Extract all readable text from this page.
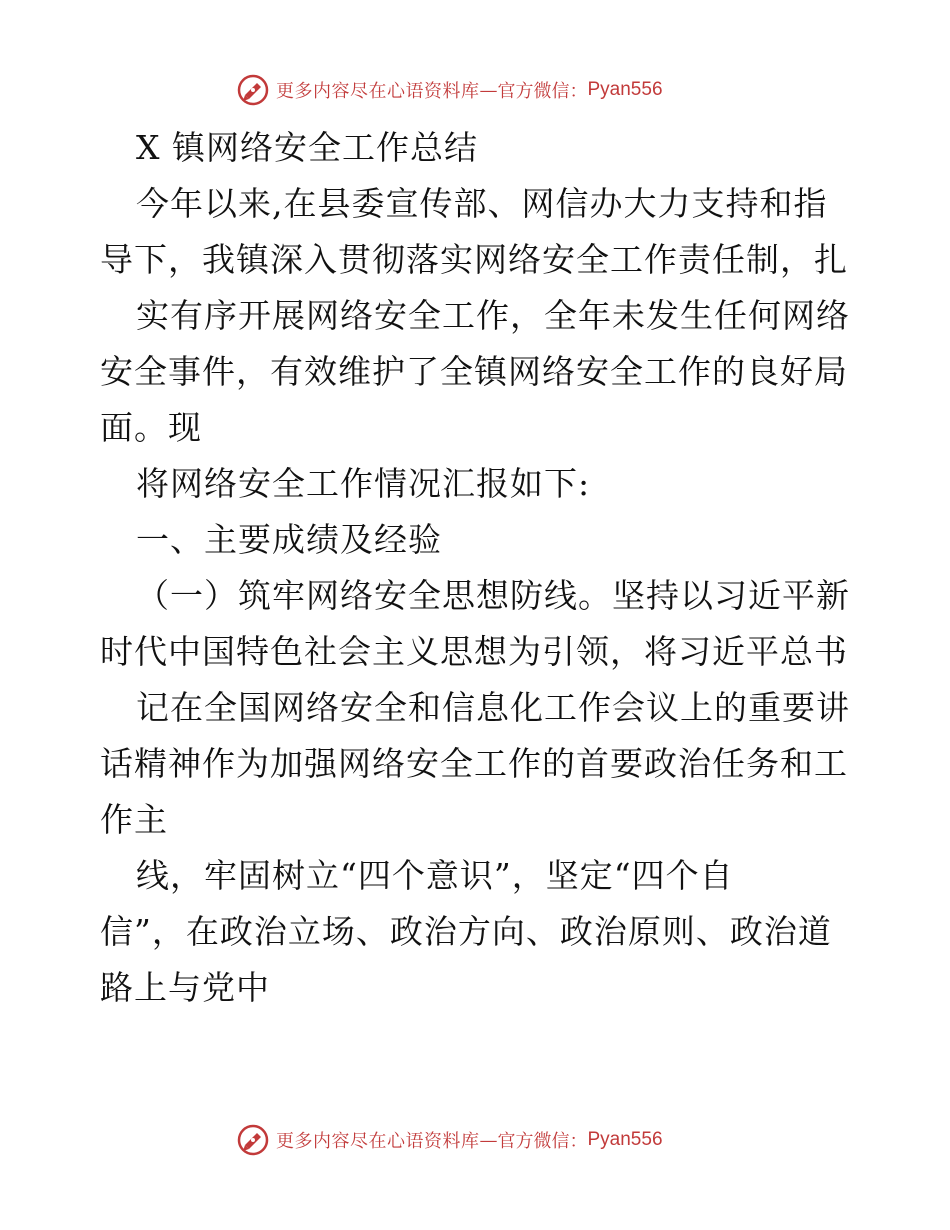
更多内容尽在心语资料库 — 官方微信： Pyan556
X 镇网络安全工作总结
今年以来,在县委宣传部、网信办大力支持和指
导下，我镇深入贯彻落实网络安全工作责任制，扎
实有序开展网络安全工作，全年未发生任何网络
安全事件，有效维护了全镇网络安全工作的良好局
面。现
将网络安全工作情况汇报如下:
一、主要成绩及经验
（一）筑牢网络安全思想防线。坚持以习近平新
时代中国特色社会主义思想为引领，将习近平总书
记在全国网络安全和信息化工作会议上的重要讲
话精神作为加强网络安全工作的首要政治任务和工
作主
线，牢固树立“四个意识”，坚定“四个自
信”，在政治立场、政治方向、政治原则、政治道
路上与党中
更多内容尽在心语资料库 — 官方微信： Pyan556
